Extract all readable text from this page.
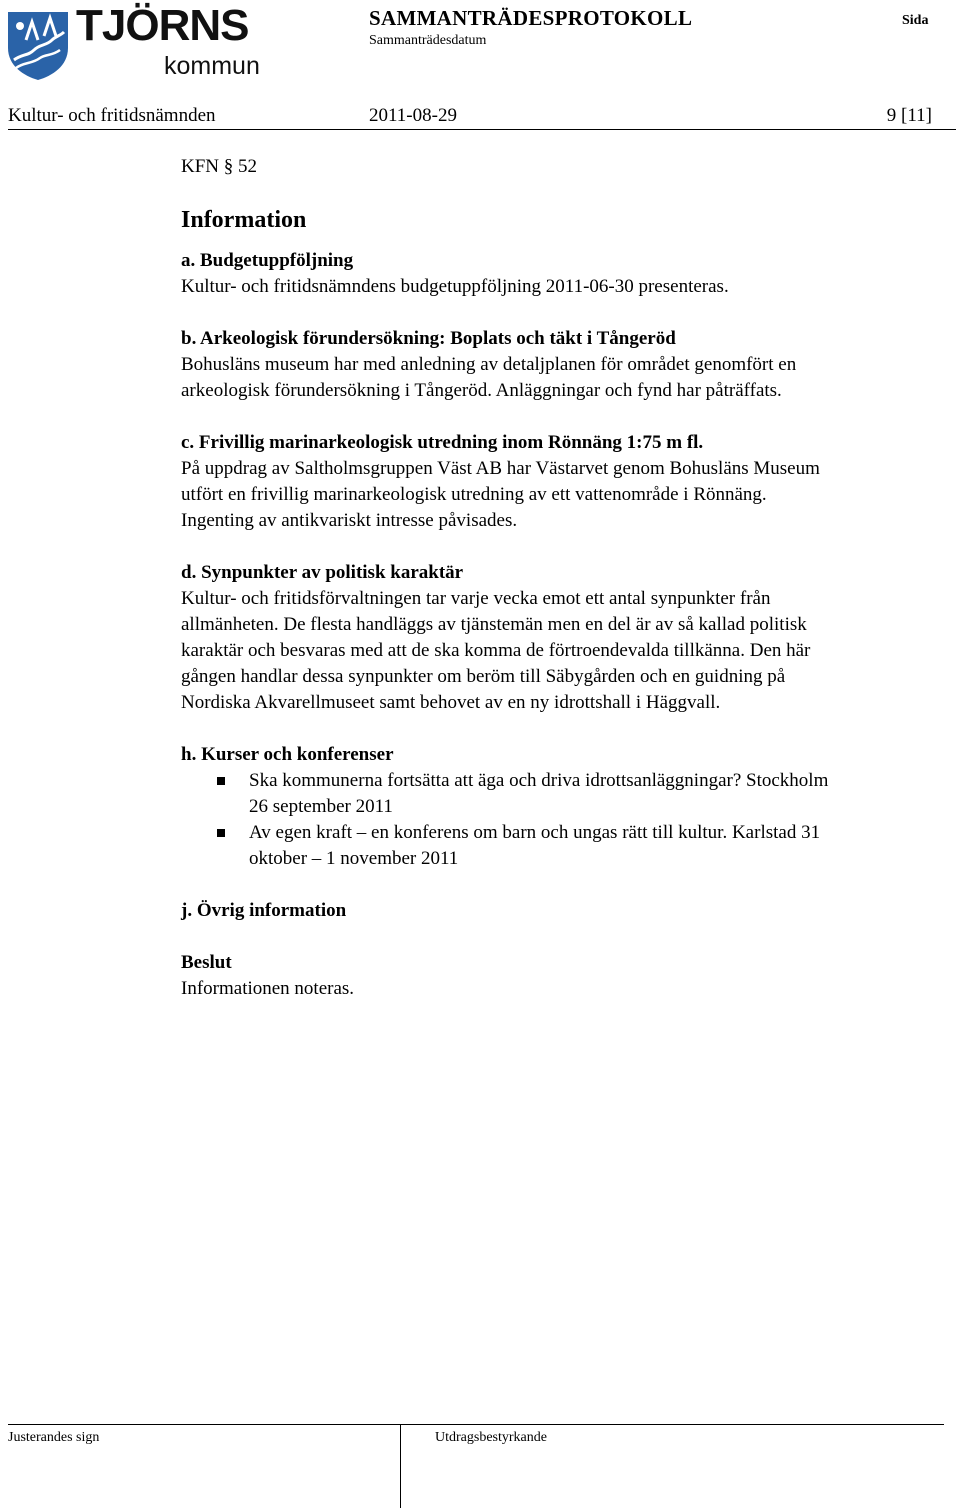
TJÖRNS
kommun
SAMMANTRÄDESPROTOKOLL
Sammanträdesdatum
Sida
Kultur- och fritidsnämnden	2011-08-29	9 [11]

KFN § 52

Information

a. Budgetuppföljning

Kultur- och fritidsnämndens budgetuppföljning 2011-06-30 presenteras.

b. Arkeologisk förundersökning: Boplats och täkt i Tångeröd

Bohusläns museum har med anledning av detaljplanen för området genomfört en

arkeologisk förundersökning i Tångeröd. Anläggningar och fynd har påträffats.

c. Frivillig marinarkeologisk utredning inom Rönnäng 1:75 m fl.

På uppdrag av Saltholmsgruppen Väst AB har Västarvet genom Bohusläns Museum

utfört en frivillig marinarkeologisk utredning av ett vattenområde i Rönnäng.

Ingenting av antikvariskt intresse påvisades.

d. Synpunkter av politisk karaktär

Kultur- och fritidsförvaltningen tar varje vecka emot ett antal synpunkter från

allmänheten. De flesta handläggs av tjänstemän men en del är av så kallad politisk

karaktär och besvaras med att de ska komma de förtroendevalda tillkänna. Den här

gången handlar dessa synpunkter om beröm till Säbygården och en guidning på

Nordiska Akvarellmuseet samt behovet av en ny idrottshall i Häggvall.

h. Kurser och konferenser

Ska kommunerna fortsätta att äga och driva idrottsanläggningar? Stockholm
26 september 2011
Av egen kraft – en konferens om barn och ungas rätt till kultur. Karlstad 31
oktober – 1 november 2011

j. Övrig information

Beslut

Informationen noteras.

Justerandes sign	Utdragsbestyrkande
